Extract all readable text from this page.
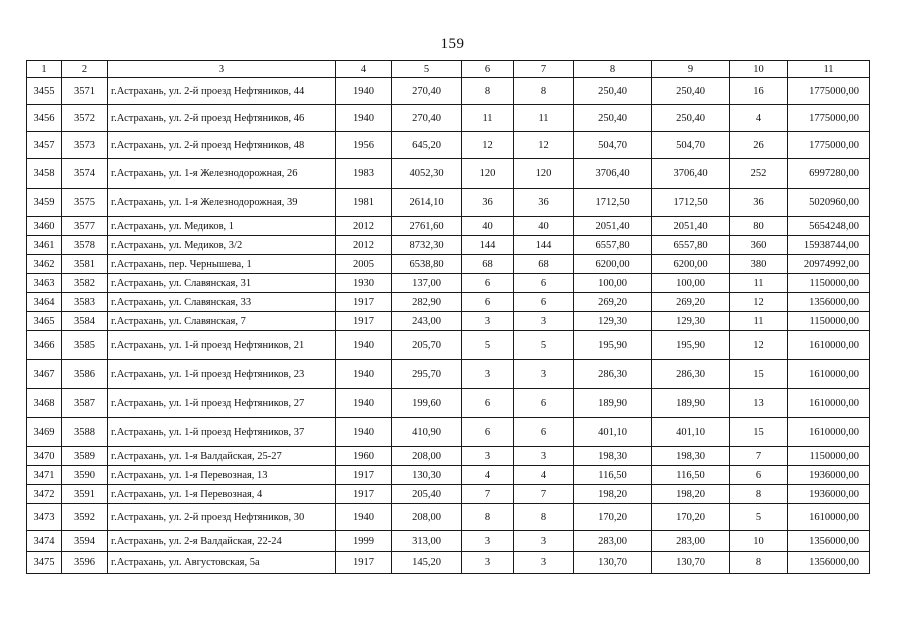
159
1	2	3	4	5	6	7	8	9	10	11
3455	3571	г.Астрахань, ул. 2-й проезд Нефтяников, 44	1940	270,40	8	8	250,40	250,40	16	1775000,00
3456	3572	г.Астрахань, ул. 2-й проезд Нефтяников, 46	1940	270,40	11	11	250,40	250,40	4	1775000,00
3457	3573	г.Астрахань, ул. 2-й проезд Нефтяников, 48	1956	645,20	12	12	504,70	504,70	26	1775000,00
3458	3574	г.Астрахань, ул. 1-я Железнодорожная, 26	1983	4052,30	120	120	3706,40	3706,40	252	6997280,00
3459	3575	г.Астрахань, ул. 1-я Железнодорожная, 39	1981	2614,10	36	36	1712,50	1712,50	36	5020960,00
3460	3577	г.Астрахань, ул. Медиков, 1	2012	2761,60	40	40	2051,40	2051,40	80	5654248,00
3461	3578	г.Астрахань, ул. Медиков, 3/2	2012	8732,30	144	144	6557,80	6557,80	360	15938744,00
3462	3581	г.Астрахань, пер. Чернышева, 1	2005	6538,80	68	68	6200,00	6200,00	380	20974992,00
3463	3582	г.Астрахань, ул. Славянская, 31	1930	137,00	6	6	100,00	100,00	11	1150000,00
3464	3583	г.Астрахань, ул. Славянская, 33	1917	282,90	6	6	269,20	269,20	12	1356000,00
3465	3584	г.Астрахань, ул. Славянская, 7	1917	243,00	3	3	129,30	129,30	11	1150000,00
3466	3585	г.Астрахань, ул. 1-й проезд Нефтяников, 21	1940	205,70	5	5	195,90	195,90	12	1610000,00
3467	3586	г.Астрахань, ул. 1-й проезд Нефтяников, 23	1940	295,70	3	3	286,30	286,30	15	1610000,00
3468	3587	г.Астрахань, ул. 1-й проезд Нефтяников, 27	1940	199,60	6	6	189,90	189,90	13	1610000,00
3469	3588	г.Астрахань, ул. 1-й проезд Нефтяников, 37	1940	410,90	6	6	401,10	401,10	15	1610000,00
3470	3589	г.Астрахань, ул. 1-я Валдайская, 25-27	1960	208,00	3	3	198,30	198,30	7	1150000,00
3471	3590	г.Астрахань, ул. 1-я Перевозная, 13	1917	130,30	4	4	116,50	116,50	6	1936000,00
3472	3591	г.Астрахань, ул. 1-я Перевозная, 4	1917	205,40	7	7	198,20	198,20	8	1936000,00
3473	3592	г.Астрахань, ул. 2-й проезд Нефтяников, 30	1940	208,00	8	8	170,20	170,20	5	1610000,00
3474	3594	г.Астрахань, ул. 2-я Валдайская, 22-24	1999	313,00	3	3	283,00	283,00	10	1356000,00
3475	3596	г.Астрахань, ул. Августовская, 5а	1917	145,20	3	3	130,70	130,70	8	1356000,00
